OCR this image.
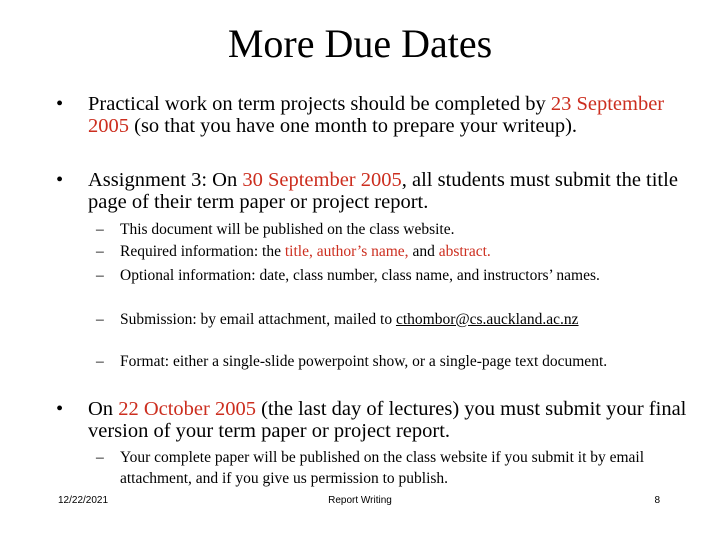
More Due Dates
• Practical work on term projects should be completed by 23 September 2005 (so that you have one month to prepare your writeup).
• Assignment 3: On 30 September 2005, all students must submit the title page of their term paper or project report.
– This document will be published on the class website.
– Required information: the title, author’s name, and abstract.
– Optional information: date, class number, class name, and instructors’ names.
– Submission: by email attachment, mailed to cthombor@cs.auckland.ac.nz
– Format: either a single-slide powerpoint show, or a single-page text document.
• On 22 October 2005 (the last day of lectures) you must submit your final version of your term paper or project report.
– Your complete paper will be published on the class website if you submit it by email attachment, and if you give us permission to publish.
12/22/2021	Report Writing	8
